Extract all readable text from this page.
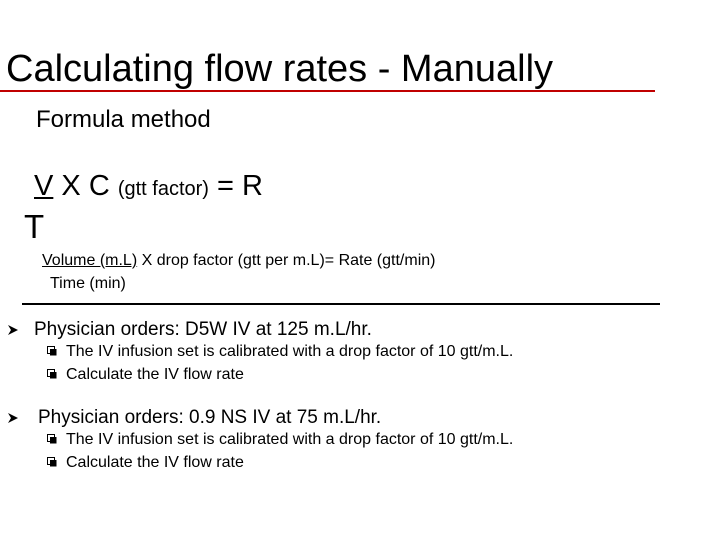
Calculating flow rates - Manually
Formula method
V X C (gtt factor) = R
T
Volume (m.L) X drop factor (gtt per m.L)= Rate (gtt/min)
Time (min)
Physician orders: D5W IV at 125 m.L/hr.
The IV infusion set is calibrated with a drop factor of 10 gtt/m.L.
Calculate the IV flow rate
Physician orders: 0.9 NS IV at 75 m.L/hr.
The IV infusion set is calibrated with a drop factor of 10 gtt/m.L.
Calculate the IV flow rate
